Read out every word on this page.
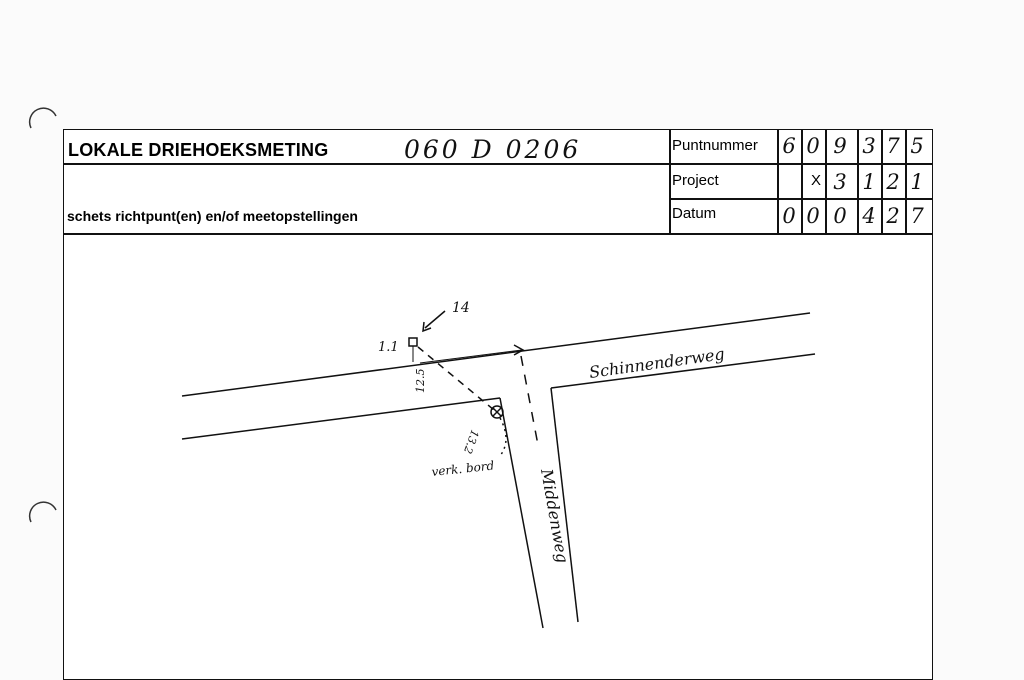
LOKALE DRIEHOEKSMETING	060 D 0206
schets richtpunt(en) en/of meetopstellingen
Puntnummer
Project
Datum
6 0 9 3 7 5
X 3 1 2 1
0 0 0 4 2 7
14
1.1
12.5
13.2
verk. bord
Schinnenderweg
Middenweg
